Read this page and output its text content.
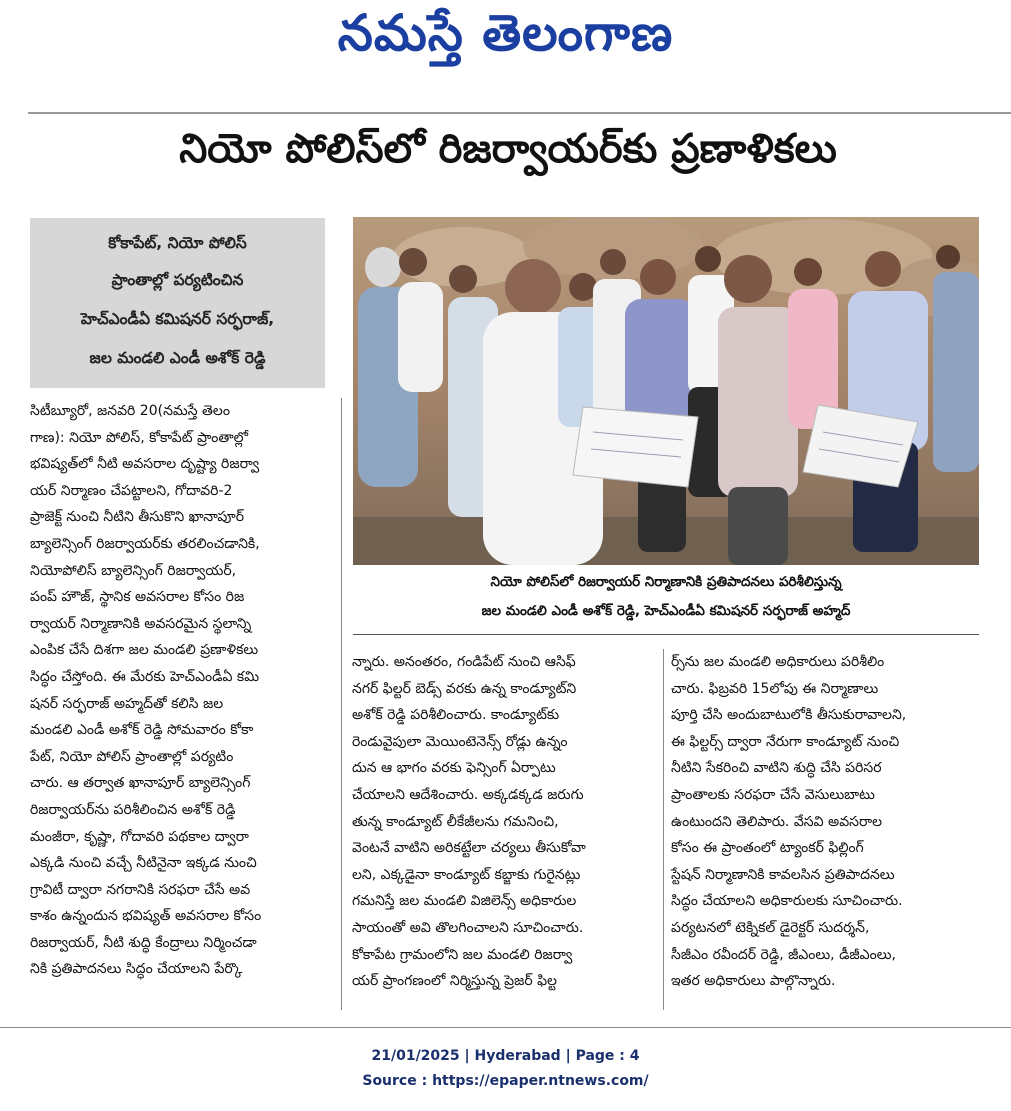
నమస్తే తెలంగాణ
నియో పోలిస్‌లో రిజర్వాయర్‌కు ప్రణాళికలు
కోకాపేట్, నియో పోలిస్
ప్రాంతాల్లో పర్యటించిన
హెచ్‌ఎండీఏ కమిషనర్ సర్ఫరాజ్,
జల మండలి ఎండీ అశోక్ రెడ్డి
నియో పోలిస్‌లో రిజర్వాయర్ నిర్మాణానికి ప్రతిపాదనలు పరిశీలిస్తున్న
జల మండలి ఎండీ అశోక్ రెడ్డి, హెచ్‌ఎండీఏ కమిషనర్ సర్ఫరాజ్ అహ్మద్
సిటీబ్యూరో, జనవరి 20(నమస్తే తెలం
గాణ): నియో పోలిస్, కోకాపేట్ ప్రాంతాల్లో
భవిష్యత్‌లో నీటి అవసరాల దృష్ట్యా రిజర్వా
యర్ నిర్మాణం చేపట్టాలని, గోదావరి-2
ప్రాజెక్ట్ నుంచి నీటిని తీసుకొని ఖానాపూర్
బ్యాలెన్సింగ్ రిజర్వాయర్‌కు తరలించడానికి,
నియోపోలిస్ బ్యాలెన్సింగ్ రిజర్వాయర్,
పంప్ హౌజ్, స్థానిక అవసరాల కోసం రిజ
ర్వాయర్ నిర్మాణానికి అవసరమైన స్థలాన్ని
ఎంపిక చేసే దిశగా జల మండలి ప్రణాళికలు
సిద్ధం చేస్తోంది. ఈ మేరకు హెచ్‌ఎండీఏ కమి
షనర్ సర్ఫరాజ్ అహ్మద్‌తో కలిసి జల
మండలి ఎండీ అశోక్ రెడ్డి సోమవారం కోకా
పేట్, నియో పోలిస్ ప్రాంతాల్లో పర్యటిం
చారు. ఆ తర్వాత ఖానాపూర్ బ్యాలెన్సింగ్
రిజర్వాయర్‌ను పరిశీలించిన అశోక్ రెడ్డి
మంజీరా, కృష్ణా, గోదావరి పథకాల ద్వారా
ఎక్కడి నుంచి వచ్చే నీటినైనా ఇక్కడ నుంచి
గ్రావిటీ ద్వారా నగరానికి సరఫరా చేసే అవ
కాశం ఉన్నందున భవిష్యత్ అవసరాల కోసం
రిజర్వాయర్, నీటి శుద్ధి కేంద్రాలు నిర్మించడా
నికి ప్రతిపాదనలు సిద్ధం చేయాలని పేర్కొ
న్నారు. అనంతరం, గండిపేట్ నుంచి ఆసిఫ్
నగర్ ఫిల్టర్ బెడ్స్ వరకు ఉన్న కాండ్యూట్‌ని
అశోక్ రెడ్డి పరిశీలించారు. కాండ్యూట్‌కు
రెండువైపులా మెయింటెనెన్స్ రోడ్లు ఉన్నం
దున ఆ భాగం వరకు ఫెన్సింగ్ ఏర్పాటు
చేయాలని ఆదేశించారు. అక్కడక్కడ జరుగు
తున్న కాండ్యూట్ లీకేజీలను గమనించి,
వెంటనే వాటిని అరికట్టేలా చర్యలు తీసుకోవా
లని, ఎక్కడైనా కాండ్యూట్ కబ్జాకు గురైనట్లు
గమనిస్తే జల మండలి విజిలెన్స్ అధికారుల
సాయంతో అవి తొలగించాలని సూచించారు.
కోకాపేట గ్రామంలోని జల మండలి రిజర్వా
యర్ ప్రాంగణంలో నిర్మిస్తున్న ప్రెజర్ ఫిల్ట
ర్స్‌ను జల మండలి అధికారులు పరిశీలిం
చారు. ఫిబ్రవరి 15లోపు ఈ నిర్మాణాలు
పూర్తి చేసి అందుబాటులోకి తీసుకురావాలని,
ఈ ఫిల్టర్స్ ద్వారా నేరుగా కాండ్యూట్ నుంచి
నీటిని సేకరించి వాటిని శుద్ధి చేసి పరిసర
ప్రాంతాలకు సరఫరా చేసే వెసులుబాటు
ఉంటుందని తెలిపారు. వేసవి అవసరాల
కోసం ఈ ప్రాంతంలో ట్యాంకర్ ఫిల్లింగ్
స్టేషన్ నిర్మాణానికి కావలసిన ప్రతిపాదనలు
సిద్ధం చేయాలని అధికారులకు సూచించారు.
పర్యటనలో టెక్నికల్ డైరెక్టర్ సుదర్శన్,
సీజీఎం రవీందర్ రెడ్డి, జీఎంలు, డీజీఎంలు,
ఇతర అధికారులు పాల్గొన్నారు.
21/01/2025 | Hyderabad | Page : 4
Source : https://epaper.ntnews.com/
